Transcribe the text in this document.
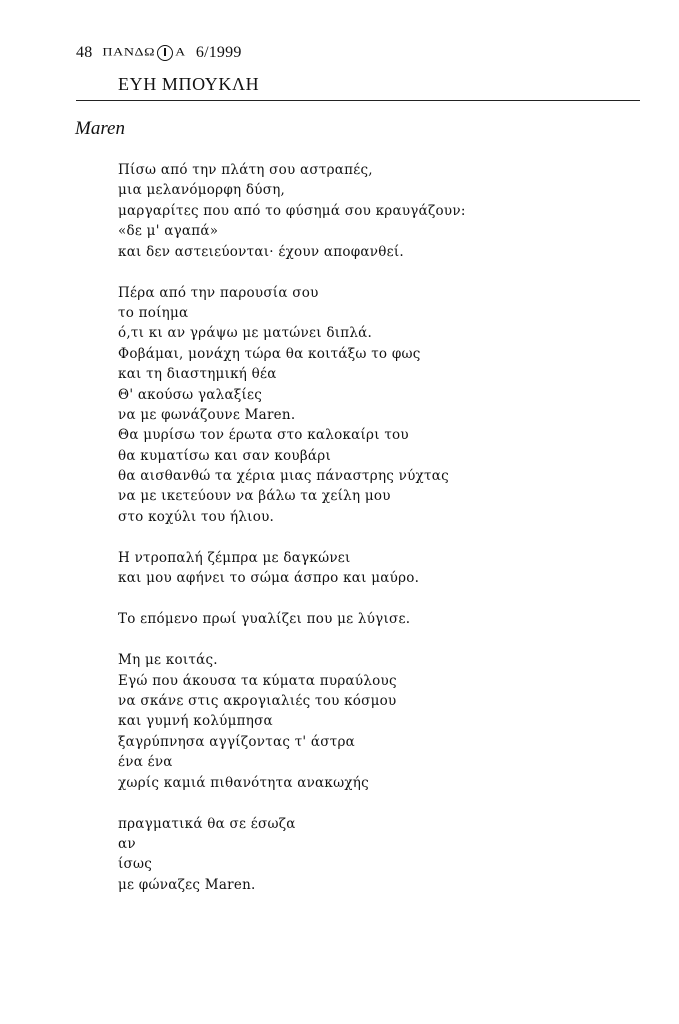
48 ΠΑΝΔΩ Α 6/1999
ΕΥΗ ΜΠΟΥΚΛΗ
Maren
Πίσω από την πλάτη σου αστραπές,
μια μελανόμορφη δύση,
μαργαρίτες που από το φύσημά σου κραυγάζουν:
«δε μ' αγαπά»
και δεν αστειεύονται· έχουν αποφανθεί.
Πέρα από την παρουσία σου
το ποίημα
ό,τι κι αν γράψω με ματώνει διπλά.
Φοβάμαι, μονάχη τώρα θα κοιτάξω το φως
και τη διαστημική θέα
Θ' ακούσω γαλαξίες
να με φωνάζουνε Maren.
Θα μυρίσω τον έρωτα στο καλοκαίρι του
θα κυματίσω και σαν κουβάρι
θα αισθανθώ τα χέρια μιας πάναστρης νύχτας
να με ικετεύουν να βάλω τα χείλη μου
στο κοχύλι του ήλιου.
Η ντροπαλή ζέμπρα με δαγκώνει
και μου αφήνει το σώμα άσπρο και μαύρο.
Το επόμενο πρωί γυαλίζει που με λύγισε.
Μη με κοιτάς.
Εγώ που άκουσα τα κύματα πυραύλους
να σκάνε στις ακρογιαλιές του κόσμου
και γυμνή κολύμπησα
ξαγρύπνησα αγγίζοντας τ' άστρα
ένα ένα
χωρίς καμιά πιθανότητα ανακωχής
πραγματικά θα σε έσωζα
αν
ίσως
με φώναζες Maren.
